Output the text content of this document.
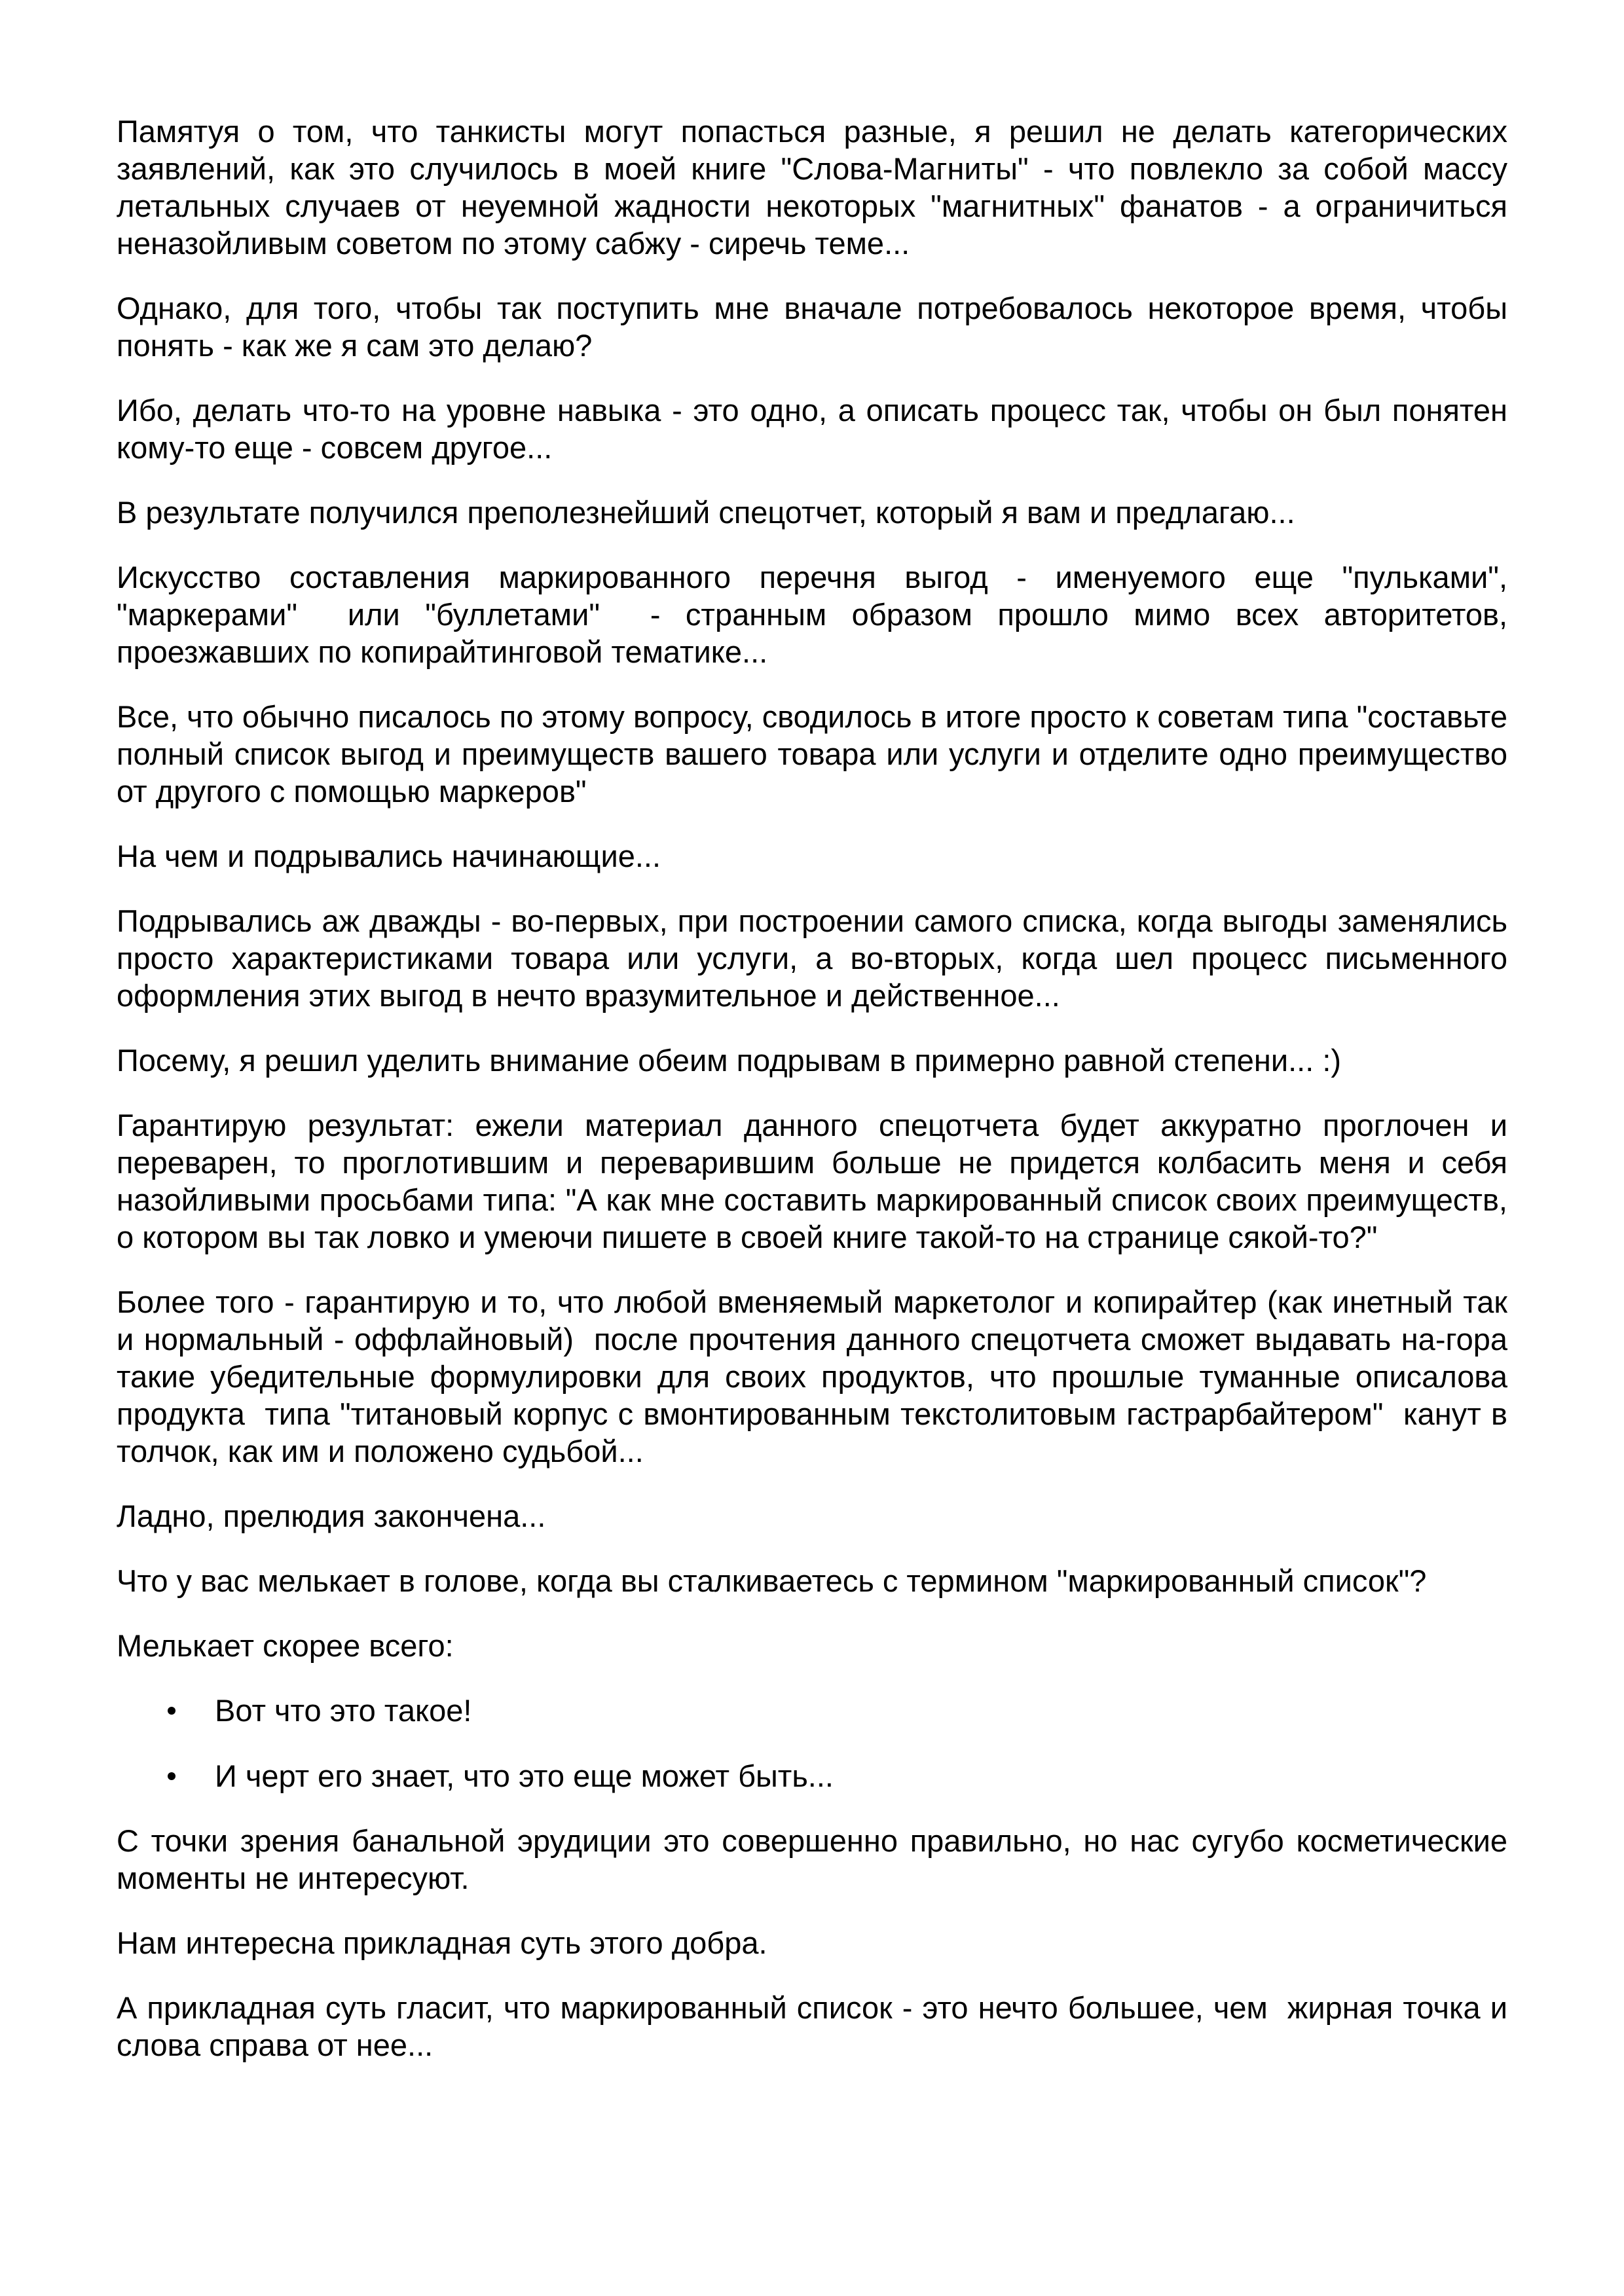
Памятуя о том, что танкисты могут попасться разные, я решил не делать категорических заявлений, как это случилось в моей книге "Слова-Магниты" - что повлекло за собой массу летальных случаев от неуемной жадности некоторых "магнитных" фанатов - а ограничиться неназойливым советом по этому сабжу - сиречь теме...

Однако, для того, чтобы так поступить мне вначале потребовалось некоторое время, чтобы понять - как же я сам это делаю?

Ибо, делать что-то на уровне навыка - это одно, а описать процесс так, чтобы он был понятен кому-то еще - совсем другое...

В результате получился преполезнейший спецотчет, который я вам и предлагаю...

Искусство составления маркированного перечня выгод - именуемого еще "пульками", "маркерами"  или "буллетами"  - странным образом прошло мимо всех авторитетов, проезжавших по копирайтинговой тематике...

Все, что обычно писалось по этому вопросу, сводилось в итоге просто к советам типа "составьте полный список выгод и преимуществ вашего товара или услуги и отделите одно преимущество от другого с помощью маркеров"

На чем и подрывались начинающие...

Подрывались аж дважды - во-первых, при построении самого списка, когда выгоды заменялись просто характеристиками товара или услуги, а во-вторых, когда шел процесс письменного  оформления этих выгод в нечто вразумительное и действенное...

Посему, я решил уделить внимание обеим подрывам в примерно равной степени... :)

Гарантирую результат: ежели материал данного спецотчета будет аккуратно проглочен и переварен, то проглотившим и переварившим больше не придется колбасить меня и себя назойливыми просьбами типа: "А как мне составить маркированный список своих преимуществ, о котором вы так ловко и умеючи пишете в своей книге такой-то на странице сякой-то?"

Более того - гарантирую и то, что любой вменяемый маркетолог и копирайтер (как инетный так и нормальный - оффлайновый)  после прочтения данного спецотчета сможет выдавать на-гора такие убедительные формулировки для своих продуктов, что прошлые туманные описалова продукта  типа "титановый корпус с вмонтированным текстолитовым гастрарбайтером"  канут в толчок, как им и положено судьбой...

Ладно, прелюдия закончена...

Что у вас мелькает в голове, когда вы сталкиваетесь с термином "маркированный список"?

Мелькает скорее всего:

Вот что это такое!
И черт его знает, что это еще может быть...

С точки зрения банальной эрудиции это совершенно правильно, но нас сугубо косметические моменты не интересуют.

Нам интересна прикладная суть этого добра.

А прикладная суть гласит, что маркированный список - это нечто большее, чем  жирная точка и слова справа от нее...
